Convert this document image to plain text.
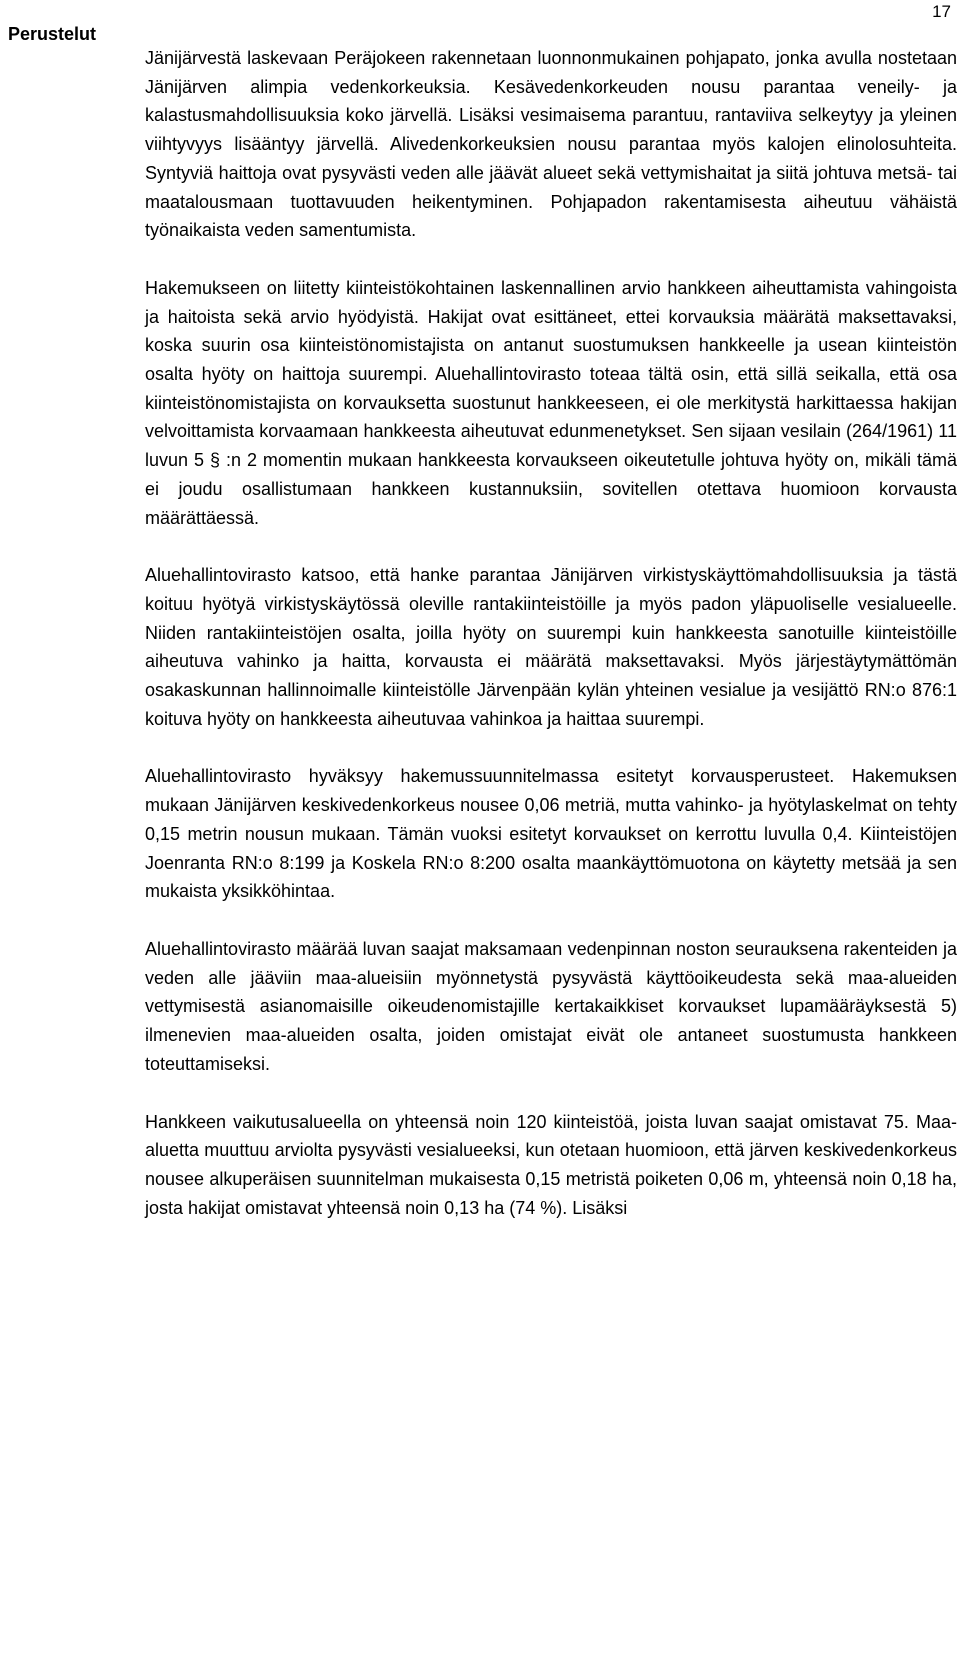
17
Perustelut

Jänijärvestä laskevaan Peräjokeen rakennetaan luonnonmukainen pohjapato, jonka avulla nostetaan Jänijärven alimpia vedenkorkeuksia. Kesävedenkorkeuden nousu parantaa veneily- ja kalastusmahdollisuuksia koko järvellä. Lisäksi vesimaisema parantuu, rantaviiva selkeytyy ja yleinen viihtyvyys lisääntyy järvellä. Alivedenkorkeuksien nousu parantaa myös kalojen elinolosuhteita. Syntyviä haittoja ovat pysyvästi veden alle jäävät alueet sekä vettymishaitat ja siitä johtuva metsä- tai maatalousmaan tuottavuuden heikentyminen. Pohjapadon rakentamisesta aiheutuu vähäistä työnaikaista veden samentumista.

Hakemukseen on liitetty kiinteistökohtainen laskennallinen arvio hankkeen aiheuttamista vahingoista ja haitoista sekä arvio hyödyistä. Hakijat ovat esittäneet, ettei korvauksia määrätä maksettavaksi, koska suurin osa kiinteistönomistajista on antanut suostumuksen hankkeelle ja usean kiinteistön osalta hyöty on haittoja suurempi. Aluehallintovirasto toteaa tältä osin, että sillä seikalla, että osa kiinteistönomistajista on korvauksetta suostunut hankkeeseen, ei ole merkitystä harkittaessa hakijan velvoittamista korvaamaan hankkeesta aiheutuvat edunmenetykset. Sen sijaan vesilain (264/1961) 11 luvun 5 § :n 2 momentin mukaan hankkeesta korvaukseen oikeutetulle johtuva hyöty on, mikäli tämä ei joudu osallistumaan hankkeen kustannuksiin, sovitellen otettava huomioon korvausta määrättäessä.

Aluehallintovirasto katsoo, että hanke parantaa Jänijärven virkistyskäyttömahdollisuuksia ja tästä koituu hyötyä virkistyskäytössä oleville rantakiinteistöille ja myös padon yläpuoliselle vesialueelle. Niiden rantakiinteistöjen osalta, joilla hyöty on suurempi kuin hankkeesta sanotuille kiinteistöille aiheutuva vahinko ja haitta, korvausta ei määrätä maksettavaksi. Myös järjestäytymättömän osakaskunnan hallinnoimalle kiinteistölle Järvenpään kylän yhteinen vesialue ja vesijättö RN:o 876:1 koituva hyöty on hankkeesta aiheutuvaa vahinkoa ja haittaa suurempi.

Aluehallintovirasto hyväksyy hakemussuunnitelmassa esitetyt korvausperusteet. Hakemuksen mukaan Jänijärven keskivedenkorkeus nousee 0,06 metriä, mutta vahinko- ja hyötylaskelmat on tehty 0,15 metrin nousun mukaan. Tämän vuoksi esitetyt korvaukset on kerrottu luvulla 0,4. Kiinteistöjen Joenranta RN:o 8:199 ja Koskela RN:o 8:200 osalta maankäyttömuotona on käytetty metsää ja sen mukaista yksikköhintaa.

Aluehallintovirasto määrää luvan saajat maksamaan vedenpinnan noston seurauksena rakenteiden ja veden alle jääviin maa-alueisiin myönnetystä pysyvästä käyttöoikeudesta sekä maa-alueiden vettymisestä asianomaisille oikeudenomistajille kertakaikkiset korvaukset lupamääräyksestä 5) ilmenevien maa-alueiden osalta, joiden omistajat eivät ole antaneet suostumusta hankkeen toteuttamiseksi.

Hankkeen vaikutusalueella on yhteensä noin 120 kiinteistöä, joista luvan saajat omistavat 75. Maa-aluetta muuttuu arviolta pysyvästi vesialueeksi, kun otetaan huomioon, että järven keskivedenkorkeus nousee alkuperäisen suunnitelman mukaisesta 0,15 metristä poiketen 0,06 m, yhteensä noin 0,18 ha, josta hakijat omistavat yhteensä noin 0,13 ha (74 %). Lisäksi
